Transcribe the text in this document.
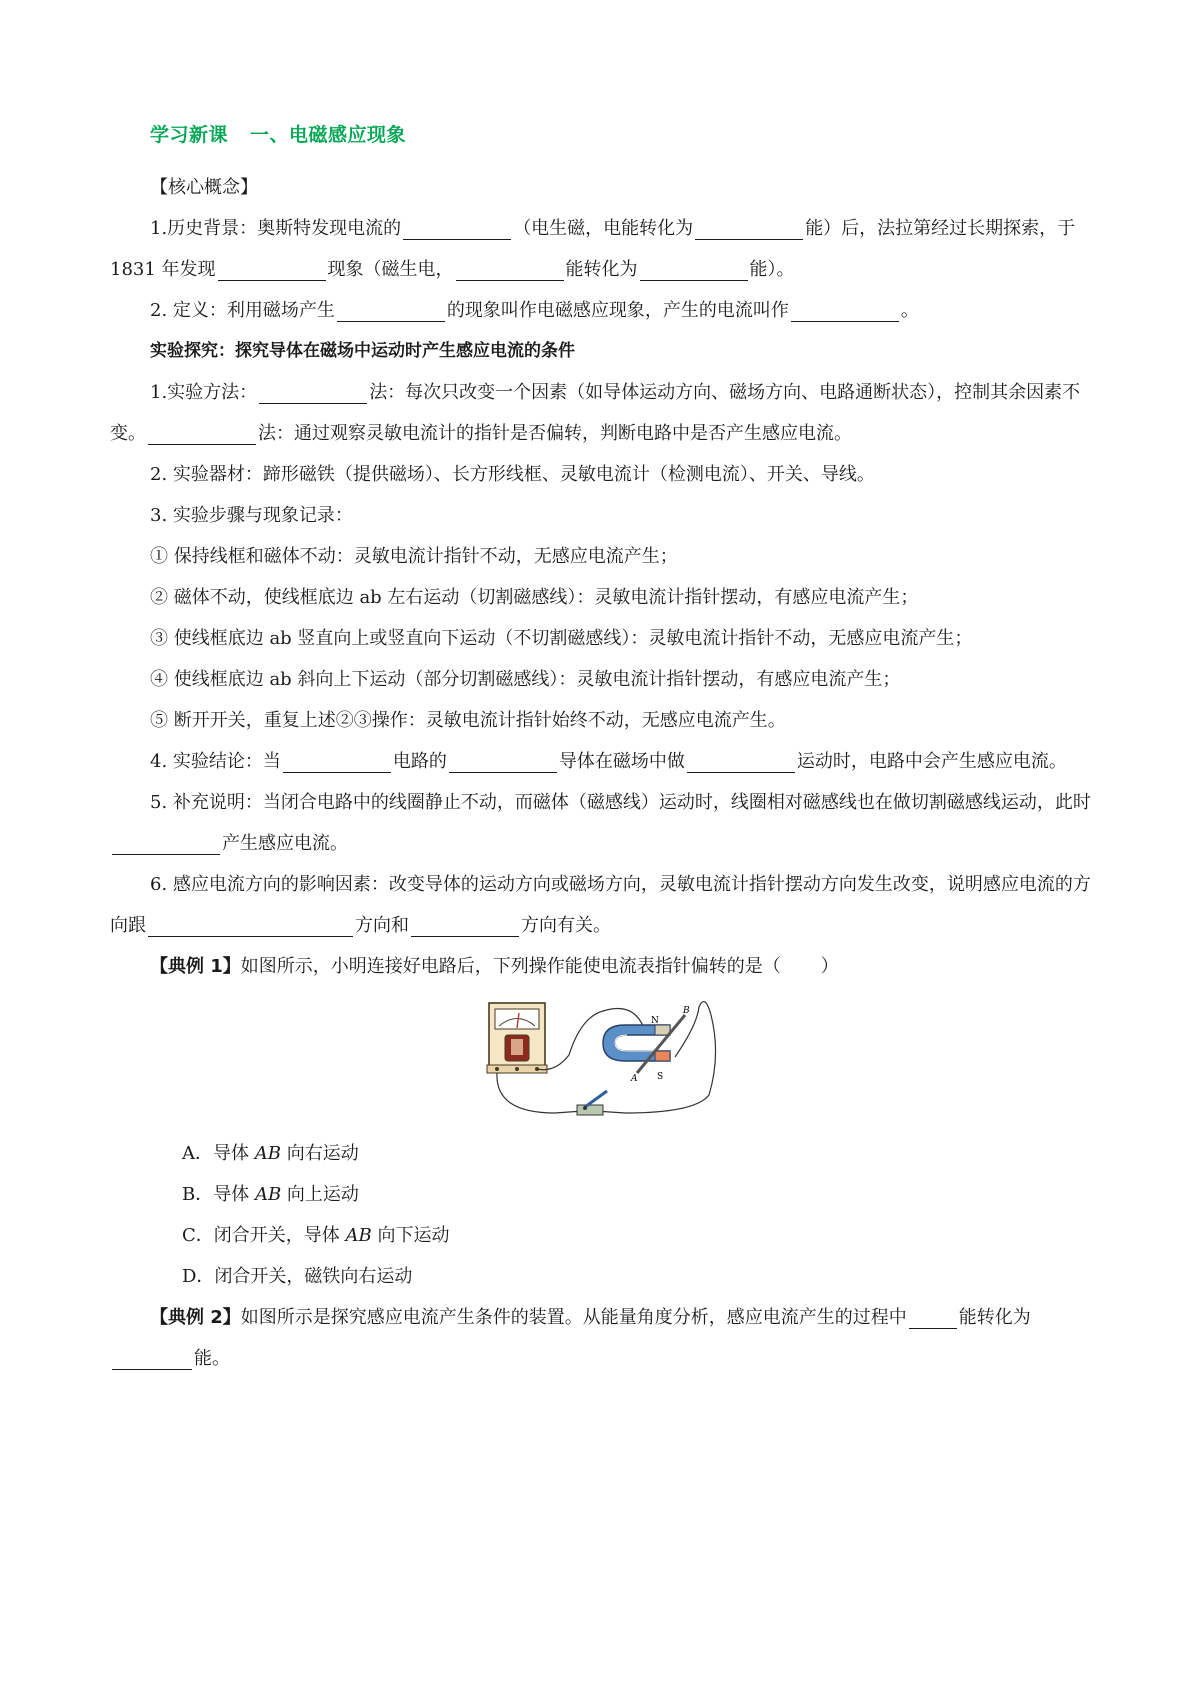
学习新课 一、电磁感应现象

【核心概念】

1.历史背景：奥斯特发现电流的	（电生磁，电能转化为	能）后，法拉第经过长期探索，于 1831 年发现	现象（磁生电，	能转化为	能）。

2. 定义：利用磁场产生	的现象叫作电磁感应现象，产生的电流叫作	。

实验探究：探究导体在磁场中运动时产生感应电流的条件

1.实验方法：	法：每次只改变一个因素（如导体运动方向、磁场方向、电路通断状态），控制其余因素不变。	法：通过观察灵敏电流计的指针是否偏转，判断电路中是否产生感应电流。

2. 实验器材：蹄形磁铁（提供磁场）、长方形线框、灵敏电流计（检测电流）、开关、导线。

3. 实验步骤与现象记录：

① 保持线框和磁体不动：灵敏电流计指针不动，无感应电流产生；

② 磁体不动，使线框底边 ab 左右运动（切割磁感线）：灵敏电流计指针摆动，有感应电流产生；

③ 使线框底边 ab 竖直向上或竖直向下运动（不切割磁感线）：灵敏电流计指针不动，无感应电流产生；

④ 使线框底边 ab 斜向上下运动（部分切割磁感线）：灵敏电流计指针摆动，有感应电流产生；

⑤ 断开开关，重复上述②③操作：灵敏电流计指针始终不动，无感应电流产生。

4. 实验结论：当	电路的	导体在磁场中做	运动时，电路中会产生感应电流。

5. 补充说明：当闭合电路中的线圈静止不动，而磁体（磁感线）运动时，线圈相对磁感线也在做切割磁感线运动，此时产生感应电流。

6. 感应电流方向的影响因素：改变导体的运动方向或磁场方向，灵敏电流计指针摆动方向发生改变，说明感应电流的方向跟	方向和	方向有关。

【典例 1】如图所示，小明连接好电路后，下列操作能使电流表指针偏转的是（ ）

N
S
A
B

A．导体 AB 向右运动

B．导体 AB 向上运动

C．闭合开关，导体 AB 向下运动

D．闭合开关，磁铁向右运动

【典例 2】如图所示是探究感应电流产生条件的装置。从能量角度分析，感应电流产生的过程中	能转化为能。
